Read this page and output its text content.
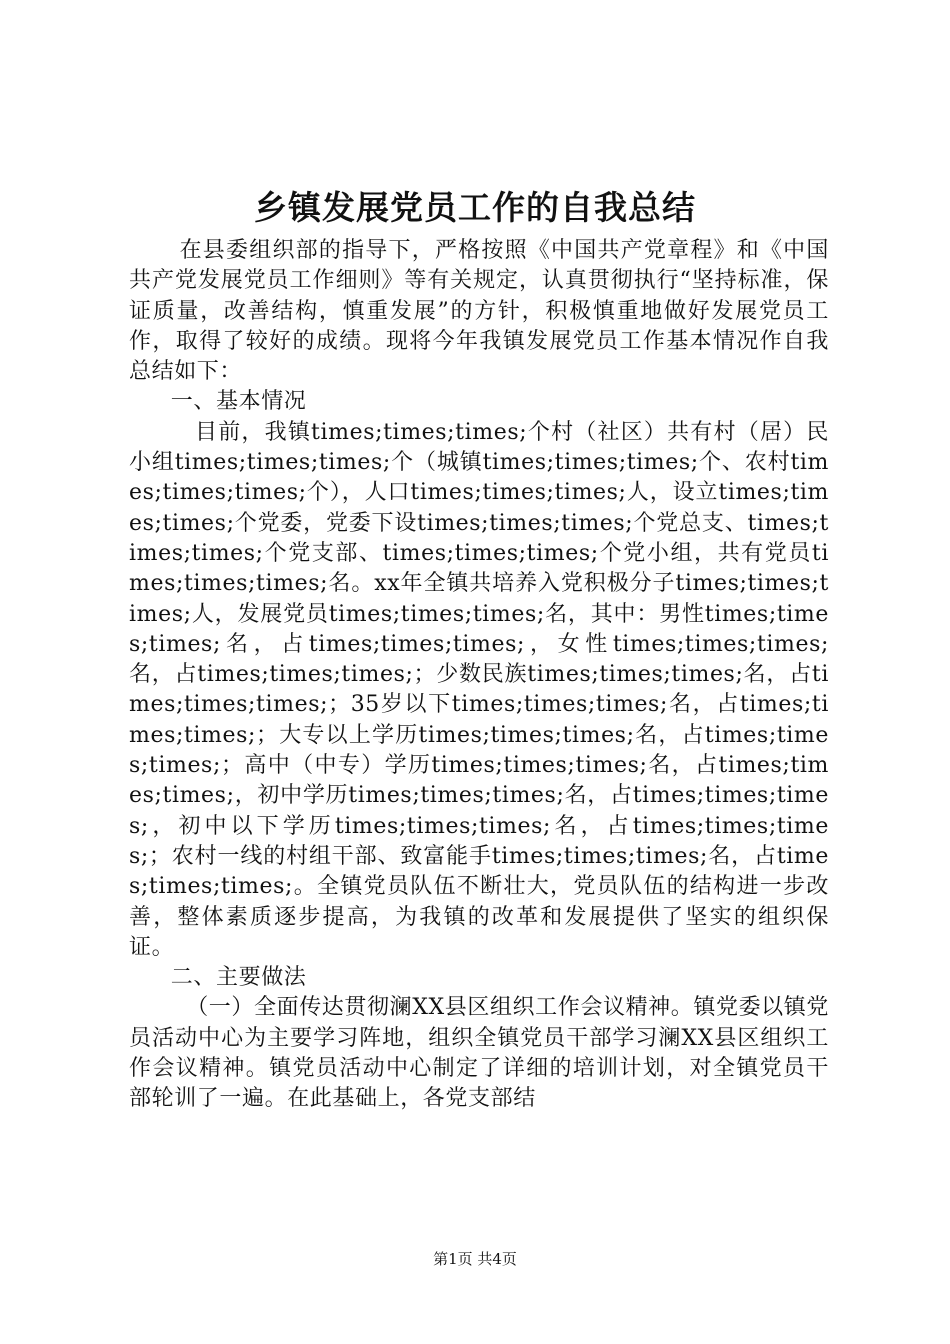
乡镇发展党员工作的自我总结

在县委组织部的指导下，严格按照《中国共产党章程》和《中国共产党发展党员工作细则》等有关规定，认真贯彻执行“坚持标准，保证质量，改善结构，慎重发展”的方针，积极慎重地做好发展党员工作，取得了较好的成绩。现将今年我镇发展党员工作基本情况作自我总结如下：

一、基本情况

目前，我镇times;times;times;个村（社区）共有村（居）民小组times;times;times;个（城镇times;times;times;个、农村times;times;times;个），人口times;times;times;人，设立times;times;times;个党委，党委下设times;times;times;个党总支、times;times;times;个党支部、times;times;times;个党小组，共有党员times;times;times;名。xx年全镇共培养入党积极分子times;times;times;人，发展党员times;times;times;名，其中：男性times;times;times;名，占times;times;times;，女性times;times;times;名，占times;times;times;；少数民族times;times;times;名，占times;times;times;；35岁以下times;times;times;名，占times;times;times;；大专以上学历times;times;times;名，占times;times;times;；高中（中专）学历times;times;times;名，占times;times;times;，初中学历times;times;times;名，占times;times;times;，初中以下学历times;times;times;名，占times;times;times;；农村一线的村组干部、致富能手times;times;times;名，占times;times;times;。全镇党员队伍不断壮大，党员队伍的结构进一步改善，整体素质逐步提高，为我镇的改革和发展提供了坚实的组织保证。

二、主要做法

（一）全面传达贯彻澜XX县区组织工作会议精神。镇党委以镇党员活动中心为主要学习阵地，组织全镇党员干部学习澜XX县区组织工作会议精神。镇党员活动中心制定了详细的培训计划，对全镇党员干部轮训了一遍。在此基础上，各党支部结

第1页 共4页
